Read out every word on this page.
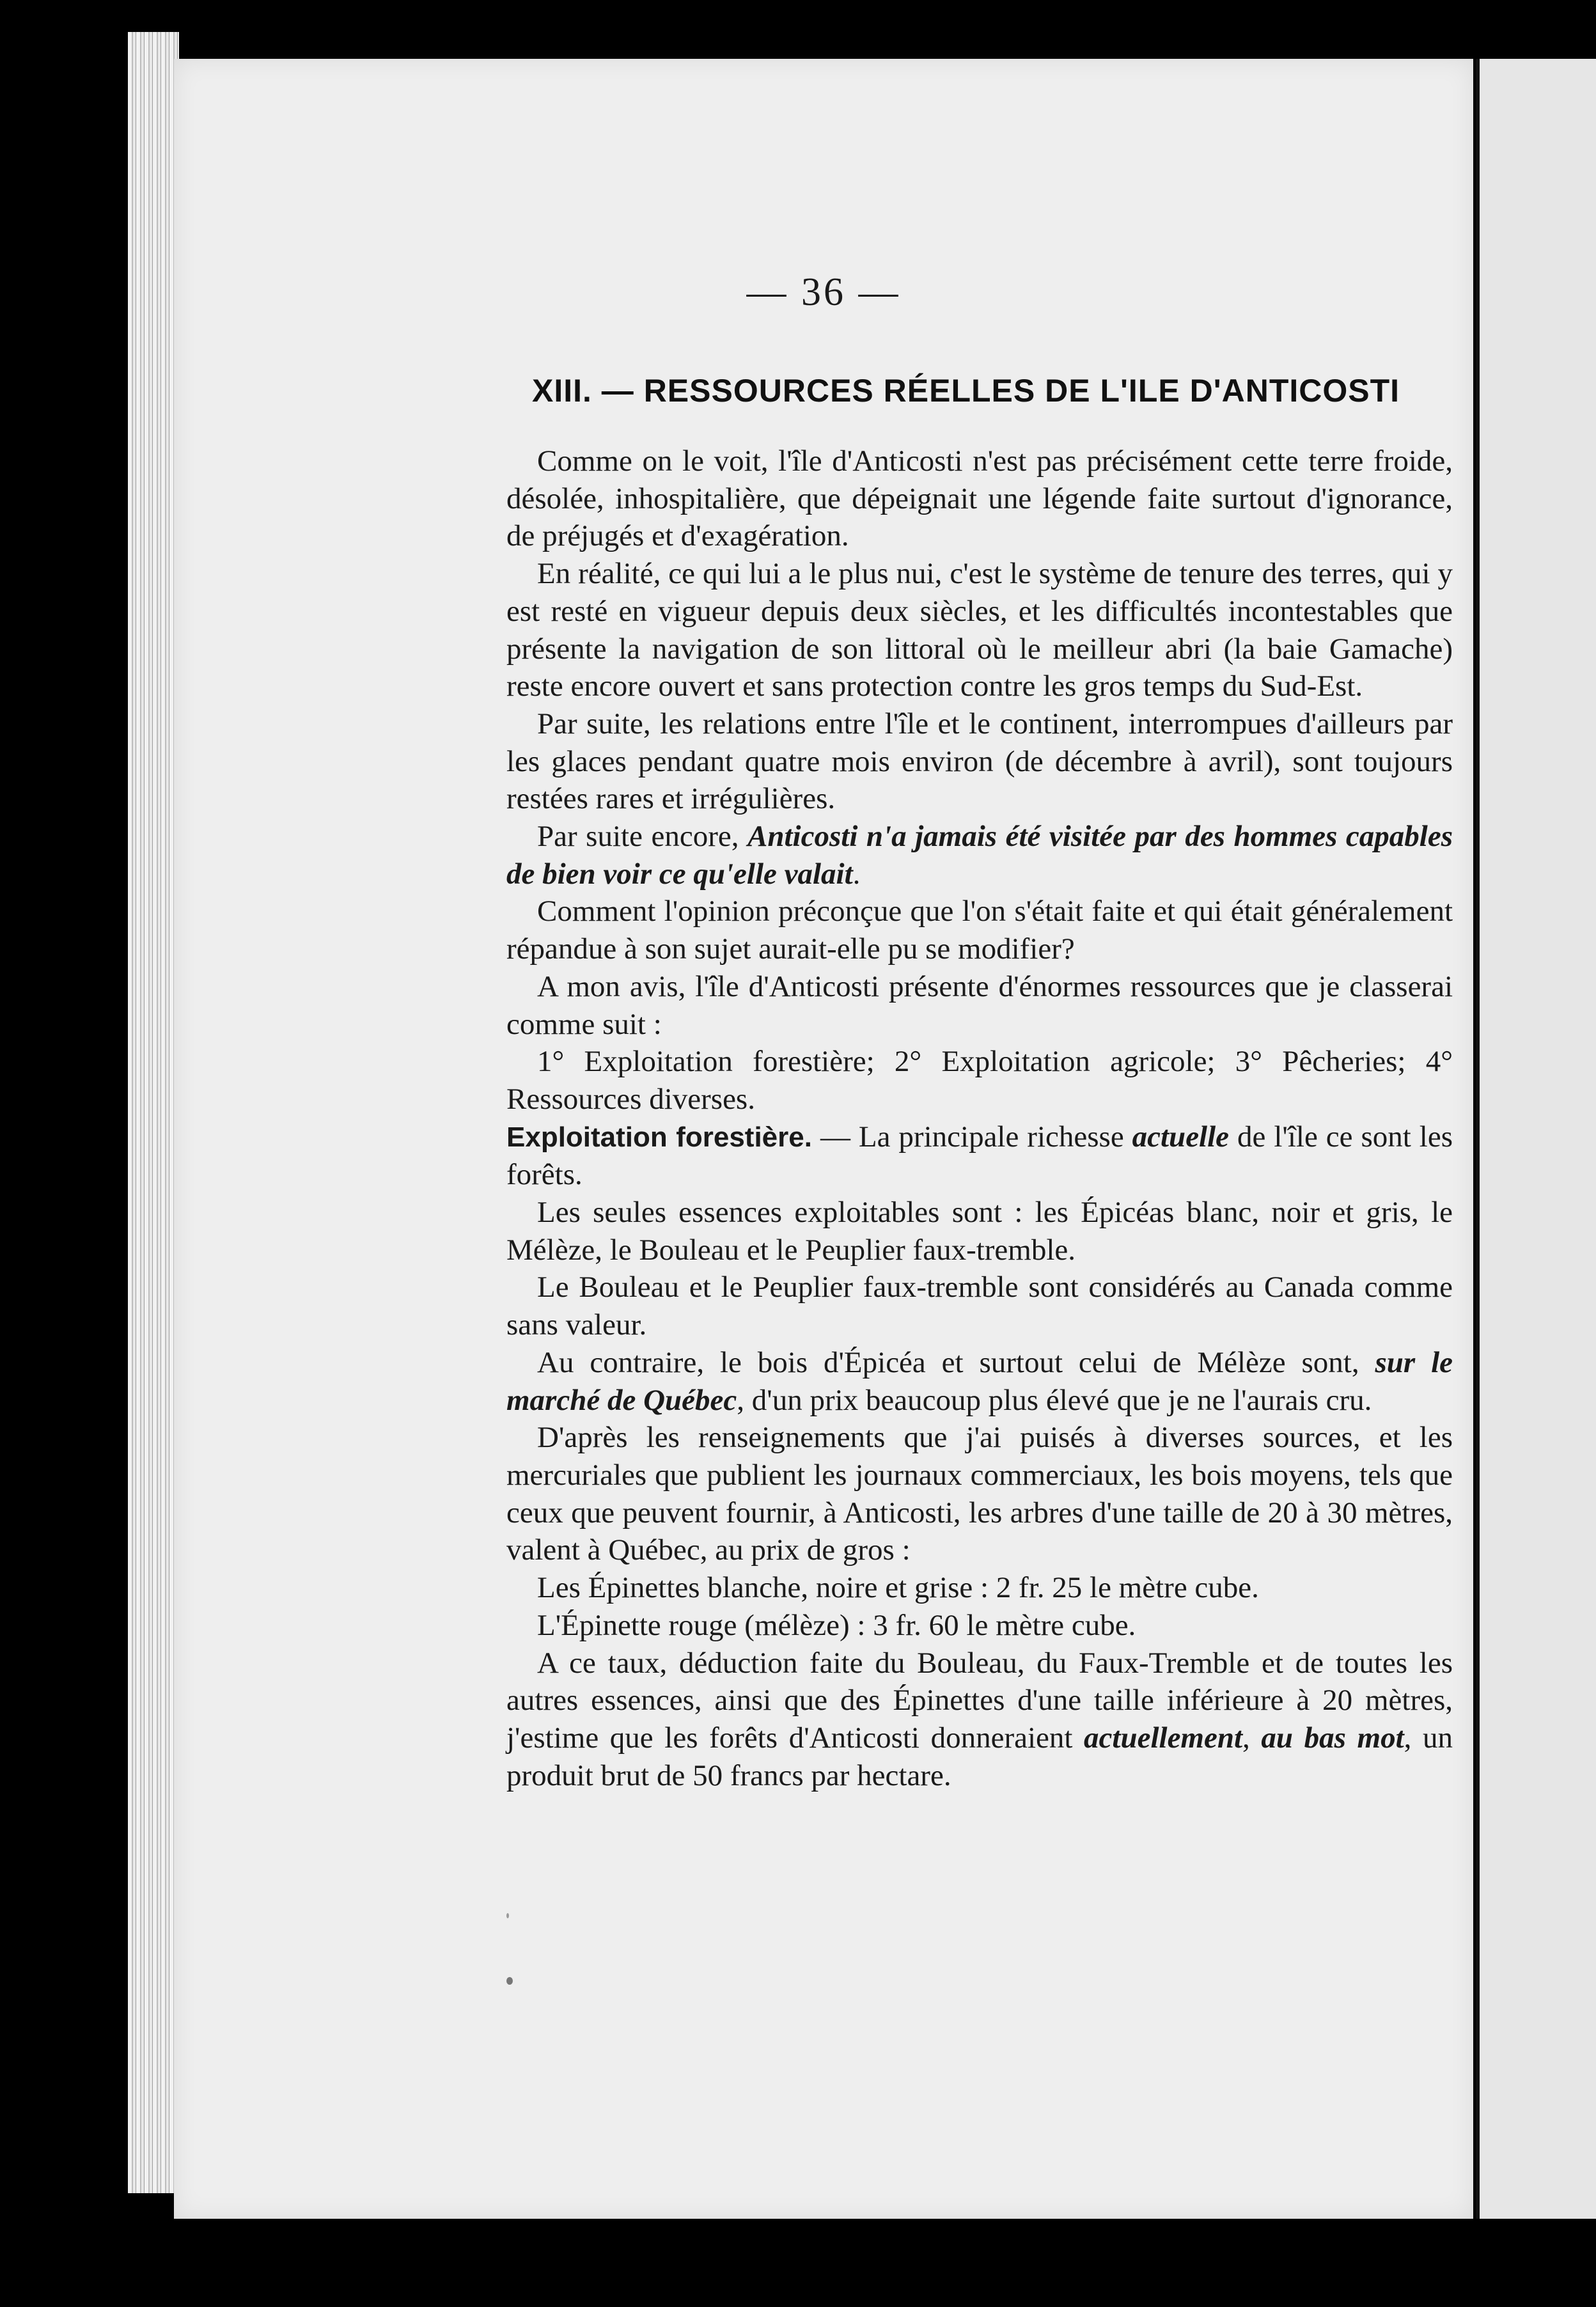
— 36 —
XIII. — RESSOURCES RÉELLES DE L'ILE D'ANTICOSTI

Comme on le voit, l'île d'Anticosti n'est pas précisément cette terre froide, désolée, inhospitalière, que dépeignait une légende faite surtout d'ignorance, de préjugés et d'exagération.

En réalité, ce qui lui a le plus nui, c'est le système de tenure des terres, qui y est resté en vigueur depuis deux siècles, et les difficultés incontestables que présente la navigation de son littoral où le meilleur abri (la baie Gamache) reste encore ouvert et sans protection contre les gros temps du Sud-Est.

Par suite, les relations entre l'île et le continent, interrompues d'ailleurs par les glaces pendant quatre mois environ (de décembre à avril), sont toujours restées rares et irrégulières.

Par suite encore, Anticosti n'a jamais été visitée par des hommes capables de bien voir ce qu'elle valait.

Comment l'opinion préconçue que l'on s'était faite et qui était généralement répandue à son sujet aurait-elle pu se modifier?

A mon avis, l'île d'Anticosti présente d'énormes ressources que je classerai comme suit :

1° Exploitation forestière; 2° Exploitation agricole; 3° Pêcheries; 4° Ressources diverses.

Exploitation forestière. — La principale richesse actuelle de l'île ce sont les forêts.

Les seules essences exploitables sont : les Épicéas blanc, noir et gris, le Mélèze, le Bouleau et le Peuplier faux-tremble.

Le Bouleau et le Peuplier faux-tremble sont considérés au Canada comme sans valeur.

Au contraire, le bois d'Épicéa et surtout celui de Mélèze sont, sur le marché de Québec, d'un prix beaucoup plus élevé que je ne l'aurais cru.

D'après les renseignements que j'ai puisés à diverses sources, et les mercuriales que publient les journaux commerciaux, les bois moyens, tels que ceux que peuvent fournir, à Anticosti, les arbres d'une taille de 20 à 30 mètres, valent à Québec, au prix de gros :

Les Épinettes blanche, noire et grise : 2 fr. 25 le mètre cube.

L'Épinette rouge (mélèze) : 3 fr. 60 le mètre cube.

A ce taux, déduction faite du Bouleau, du Faux-Tremble et de toutes les autres essences, ainsi que des Épinettes d'une taille inférieure à 20 mètres, j'estime que les forêts d'Anticosti donneraient actuellement, au bas mot, un produit brut de 50 francs par hectare.
